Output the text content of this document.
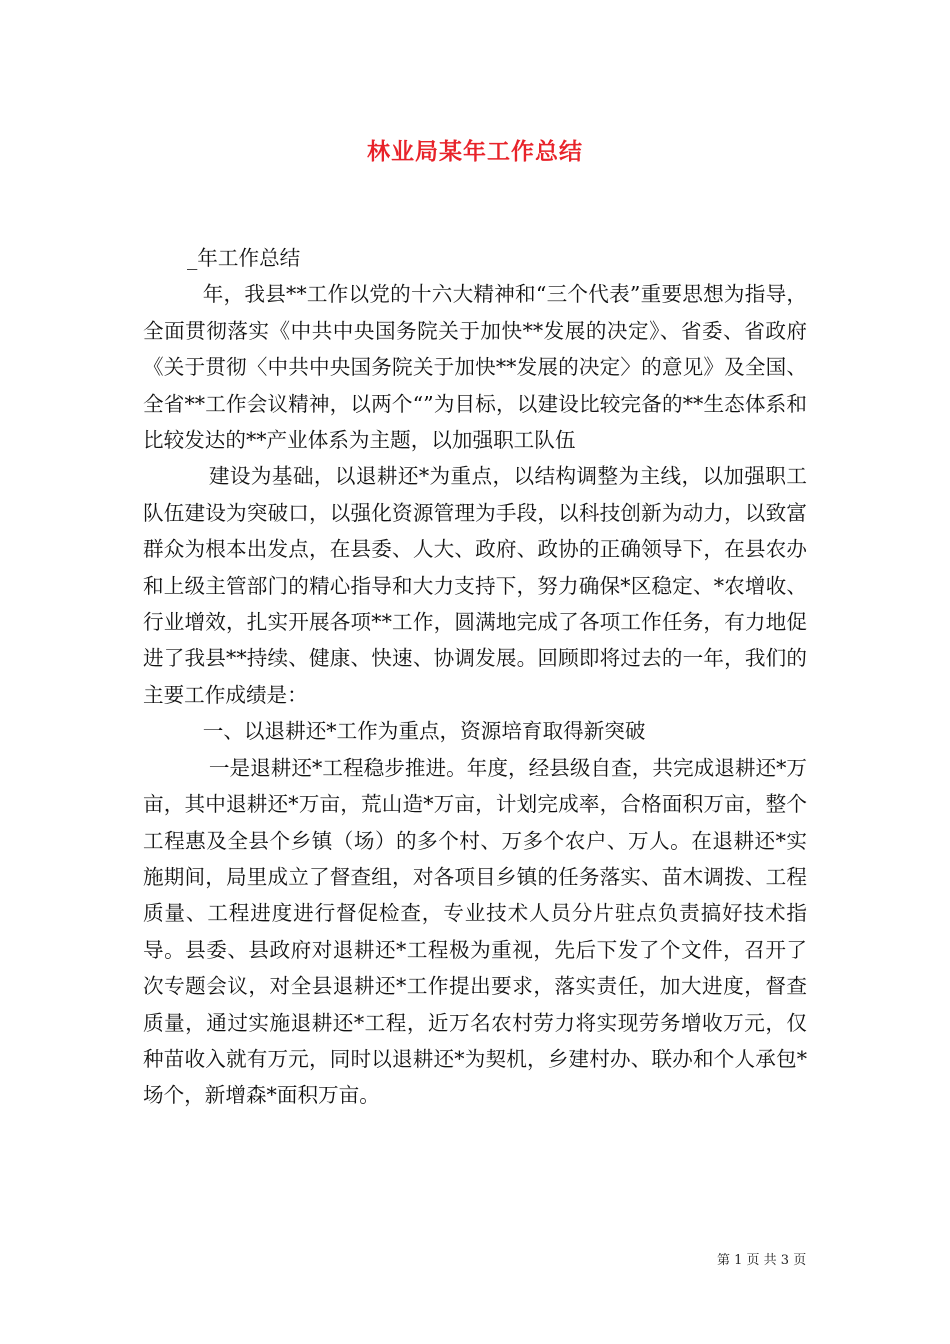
林业局某年工作总结

_年工作总结

年，我县**工作以党的十六大精神和“三个代表”重要思想为指导，全面贯彻落实《中共中央国务院关于加快**发展的决定》、省委、省政府《关于贯彻〈中共中央国务院关于加快**发展的决定〉的意见》及全国、全省**工作会议精神，以两个“”为目标，以建设比较完备的**生态体系和比较发达的**产业体系为主题，以加强职工队伍

建设为基础，以退耕还*为重点，以结构调整为主线，以加强职工队伍建设为突破口，以强化资源管理为手段，以科技创新为动力，以致富群众为根本出发点，在县委、人大、政府、政协的正确领导下，在县农办和上级主管部门的精心指导和大力支持下，努力确保*区稳定、*农增收、行业增效，扎实开展各项**工作，圆满地完成了各项工作任务，有力地促进了我县**持续、健康、快速、协调发展。回顾即将过去的一年，我们的主要工作成绩是：

一、以退耕还*工作为重点，资源培育取得新突破

一是退耕还*工程稳步推进。年度，经县级自查，共完成退耕还*万亩，其中退耕还*万亩，荒山造*万亩，计划完成率，合格面积万亩，整个工程惠及全县个乡镇（场）的多个村、万多个农户、万人。在退耕还*实施期间，局里成立了督查组，对各项目乡镇的任务落实、苗木调拨、工程质量、工程进度进行督促检查，专业技术人员分片驻点负责搞好技术指导。县委、县政府对退耕还*工程极为重视，先后下发了个文件，召开了次专题会议，对全县退耕还*工作提出要求，落实责任，加大进度，督查质量，通过实施退耕还*工程，近万名农村劳力将实现劳务增收万元，仅种苗收入就有万元，同时以退耕还*为契机，乡建村办、联办和个人承包*场个，新增森*面积万亩。

第 1 页 共 3 页
